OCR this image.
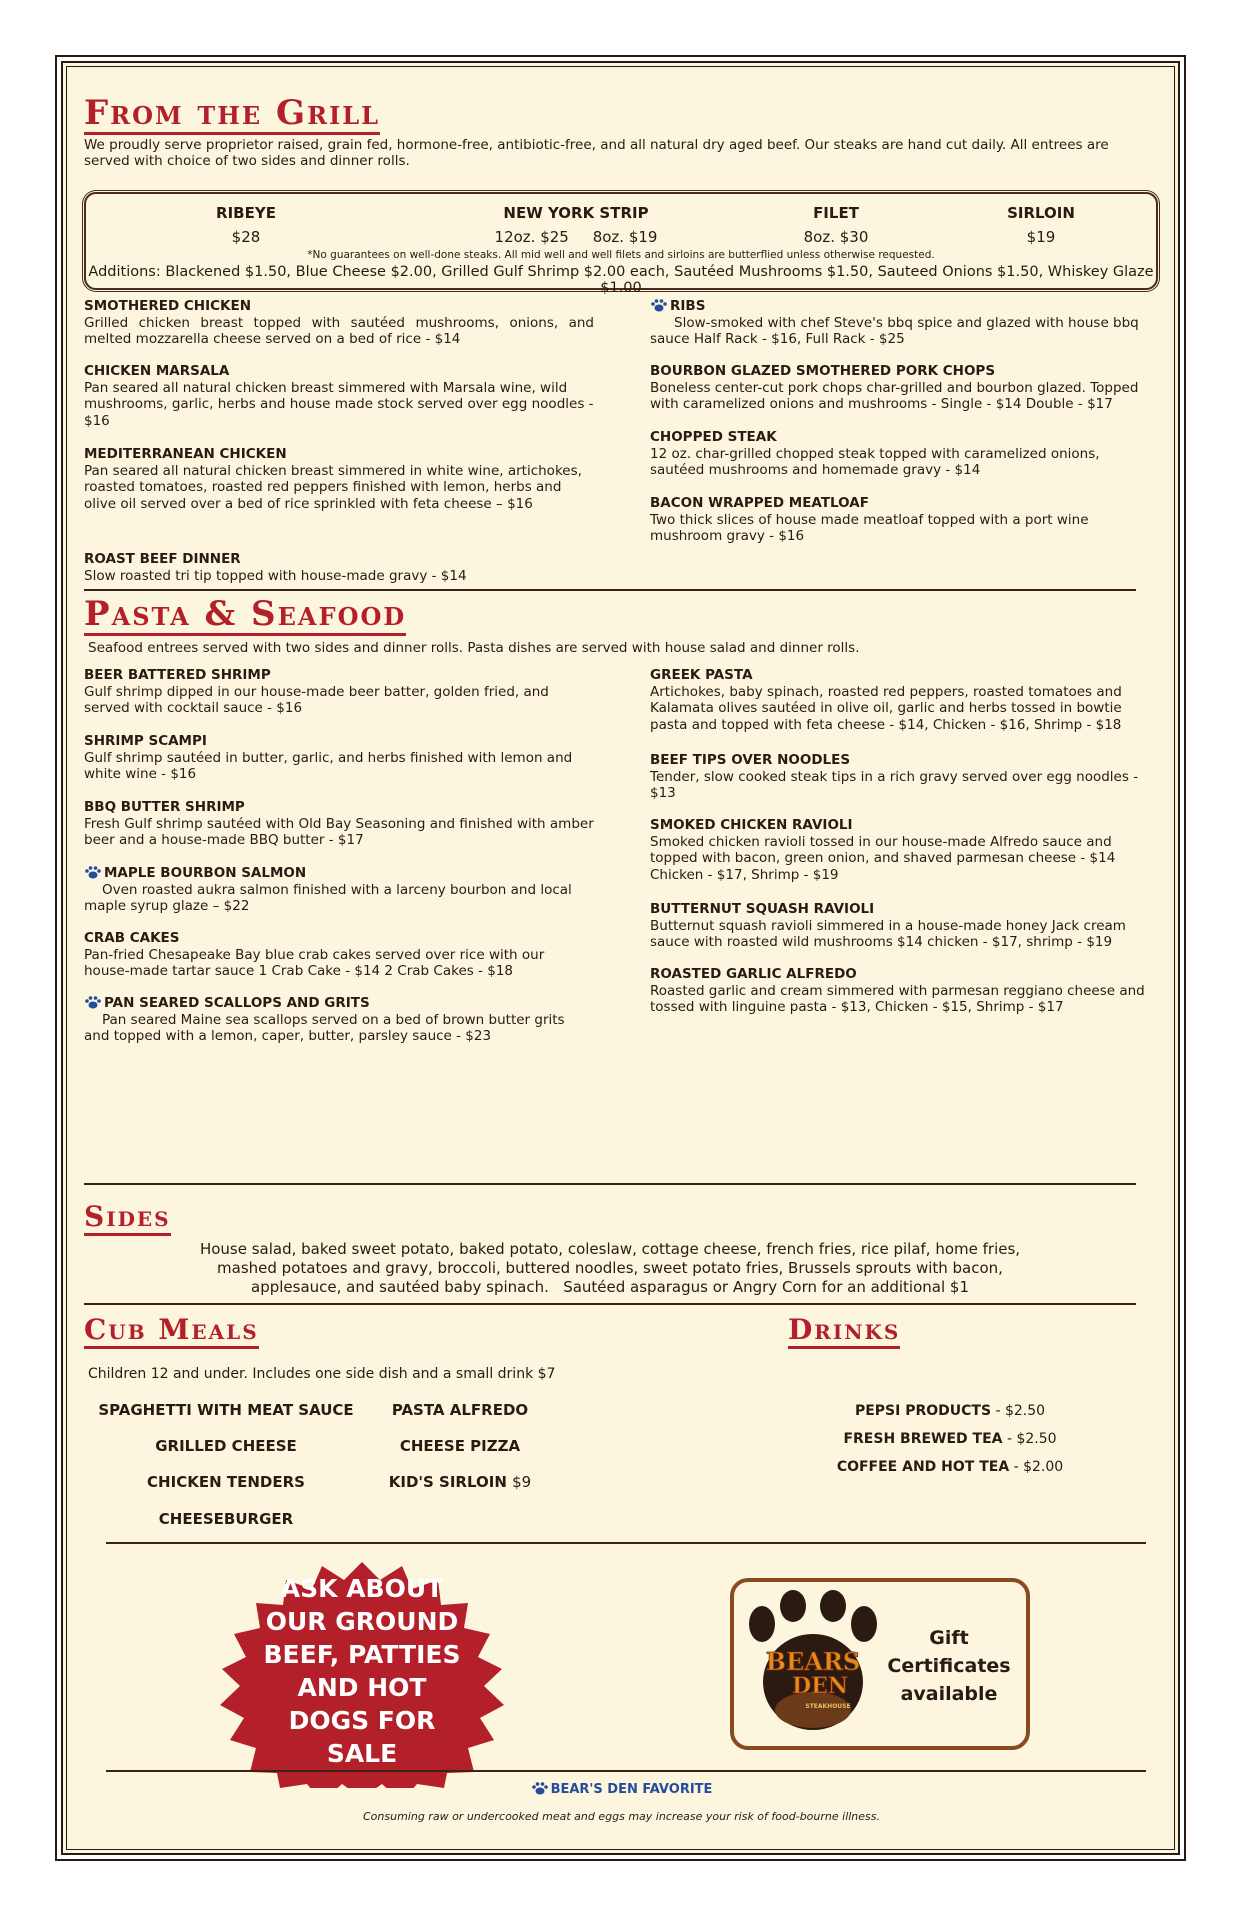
From the Grill
We proudly serve proprietor raised, grain fed, hormone-free, antibiotic-free, and all natural dry aged beef. Our steaks are hand cut daily. All entrees are served with choice of two sides and dinner rolls.
RIBEYE
$28
NEW YORK STRIP
12oz. $25     8oz. $19
FILET
8oz. $30
SIRLOIN
$19
*No guarantees on well-done steaks. All mid well and well filets and sirloins are butterflied unless otherwise requested.
Additions: Blackened $1.50, Blue Cheese $2.00, Grilled Gulf Shrimp $2.00 each, Sautéed Mushrooms $1.50, Sauteed Onions $1.50, Whiskey Glaze $1.00
SMOTHERED CHICKEN
Grilled chicken breast topped with sautéed mushrooms, onions, and melted mozzarella cheese served on a bed of rice - $14
CHICKEN MARSALA
Pan seared all natural chicken breast simmered with Marsala wine, wild mushrooms, garlic, herbs and house made stock served over egg noodles - $16
MEDITERRANEAN CHICKEN
Pan seared all natural chicken breast simmered in white wine, artichokes, roasted tomatoes, roasted red peppers finished with lemon, herbs and olive oil served over a bed of rice sprinkled with feta cheese – $16
ROAST BEEF DINNER
Slow roasted tri tip topped with house-made gravy - $14
RIBS
Slow-smoked with chef Steve's bbq spice and glazed with house bbq sauce Half Rack - $16, Full Rack - $25
BOURBON GLAZED SMOTHERED PORK CHOPS
Boneless center-cut pork chops char-grilled and bourbon glazed. Topped with caramelized onions and mushrooms - Single - $14 Double - $17
CHOPPED STEAK
12 oz. char-grilled chopped steak topped with caramelized onions, sautéed mushrooms and homemade gravy - $14
BACON WRAPPED MEATLOAF
Two thick slices of house made meatloaf topped with a port wine mushroom gravy - $16
Pasta & Seafood
Seafood entrees served with two sides and dinner rolls. Pasta dishes are served with house salad and dinner rolls.
BEER BATTERED SHRIMP
Gulf shrimp dipped in our house-made beer batter, golden fried, and served with cocktail sauce - $16
SHRIMP SCAMPI
Gulf shrimp sautéed in butter, garlic, and herbs finished with lemon and white wine - $16
BBQ BUTTER SHRIMP
Fresh Gulf shrimp sautéed with Old Bay Seasoning and finished with amber beer and a house-made BBQ butter - $17
MAPLE BOURBON SALMON
Oven roasted aukra salmon finished with a larceny bourbon and local maple syrup glaze – $22
CRAB CAKES
Pan-fried Chesapeake Bay blue crab cakes served over rice with our house-made tartar sauce 1 Crab Cake - $14 2 Crab Cakes - $18
PAN SEARED SCALLOPS AND GRITS
Pan seared Maine sea scallops served on a bed of brown butter grits and topped with a lemon, caper, butter, parsley sauce - $23
GREEK PASTA
Artichokes, baby spinach, roasted red peppers, roasted tomatoes and Kalamata olives sautéed in olive oil, garlic and herbs tossed in bowtie pasta and topped with feta cheese - $14, Chicken - $16, Shrimp - $18
BEEF TIPS OVER NOODLES
Tender, slow cooked steak tips in a rich gravy served over egg noodles - $13
SMOKED CHICKEN RAVIOLI
Smoked chicken ravioli tossed in our house-made Alfredo sauce and topped with bacon, green onion, and shaved parmesan cheese - $14 Chicken - $17, Shrimp - $19
BUTTERNUT SQUASH RAVIOLI
Butternut squash ravioli simmered in a house-made honey Jack cream sauce with roasted wild mushrooms $14 chicken - $17, shrimp - $19
ROASTED GARLIC ALFREDO
Roasted garlic and cream simmered with parmesan reggiano cheese and tossed with linguine pasta - $13, Chicken - $15, Shrimp - $17
Sides
House salad, baked sweet potato, baked potato, coleslaw, cottage cheese, french fries, rice pilaf, home fries,
mashed potatoes and gravy, broccoli, buttered noodles, sweet potato fries, Brussels sprouts with bacon,
applesauce, and sautéed baby spinach.   Sautéed asparagus or Angry Corn for an additional $1
Cub Meals
Children 12 and under. Includes one side dish and a small drink $7
SPAGHETTI WITH MEAT SAUCE
GRILLED CHEESE
CHICKEN TENDERS
CHEESEBURGER
PASTA ALFREDO
CHEESE PIZZA
KID'S SIRLOIN $9
Drinks
PEPSI PRODUCTS - $2.50
FRESH BREWED TEA - $2.50
COFFEE AND HOT TEA - $2.00
ASK ABOUT
OUR GROUND
BEEF, PATTIES
AND HOT
DOGS FOR
SALE
BEARS
DEN
STEAKHOUSE
Gift
Certificates
available
BEAR'S DEN FAVORITE
Consuming raw or undercooked meat and eggs may increase your risk of food-bourne illness.
